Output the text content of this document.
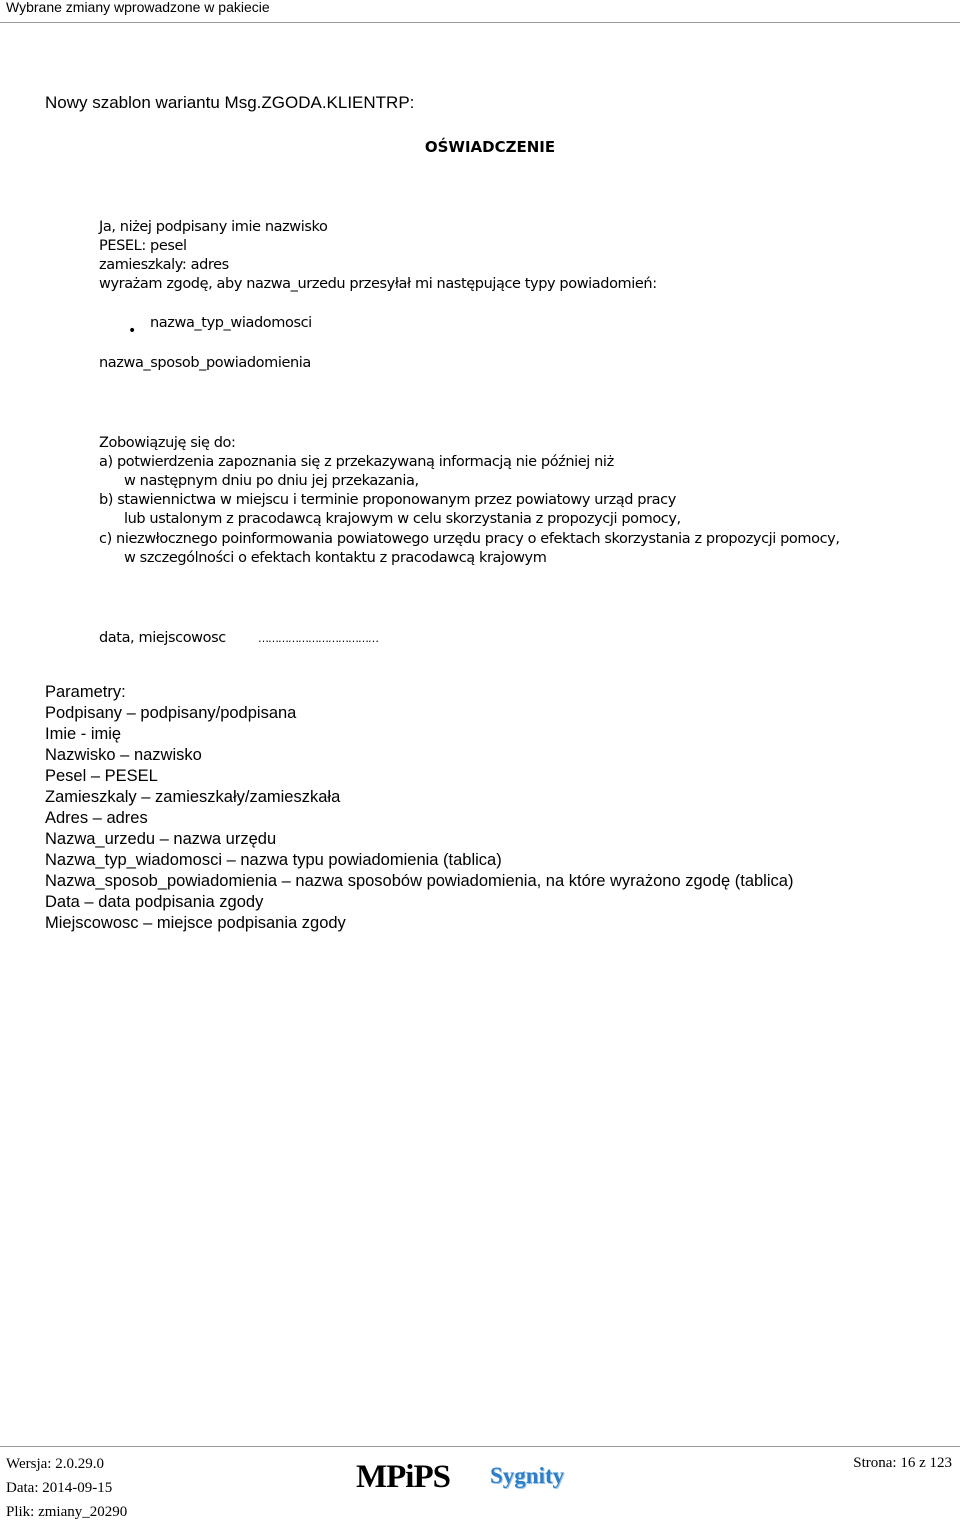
Wybrane zmiany wprowadzone w pakiecie
Nowy szablon wariantu Msg.ZGODA.KLIENTRP:
OŚWIADCZENIE
Ja, niżej podpisany imie nazwisko
PESEL: pesel
zamieszkaly: adres
wyrażam zgodę, aby nazwa_urzedu przesyłał mi następujące typy powiadomień:
• nazwa_typ_wiadomosci
nazwa_sposob_powiadomienia
Zobowiązuję się do:
a) potwierdzenia zapoznania się z przekazywaną informacją nie później niż
w następnym dniu po dniu jej przekazania,
b) stawiennictwa w miejscu i terminie proponowanym przez powiatowy urząd pracy
lub ustalonym z pracodawcą krajowym w celu skorzystania z propozycji pomocy,
c) niezwłocznego poinformowania powiatowego urzędu pracy o efektach skorzystania z propozycji pomocy,
w szczególności o efektach kontaktu z pracodawcą krajowym
data, miejscowosc	………………………………
Parametry:
Podpisany – podpisany/podpisana
Imie - imię
Nazwisko – nazwisko
Pesel – PESEL
Zamieszkaly – zamieszkały/zamieszkała
Adres – adres
Nazwa_urzedu – nazwa urzędu
Nazwa_typ_wiadomosci – nazwa typu powiadomienia (tablica)
Nazwa_sposob_powiadomienia – nazwa sposobów powiadomienia, na które wyrażono zgodę (tablica)
Data – data podpisania zgody
Miejscowosc – miejsce podpisania zgody
Wersja: 2.0.29.0
Data: 2014-09-15
Plik: zmiany_20290
MPiPS Sygnity	Strona: 16 z 123
